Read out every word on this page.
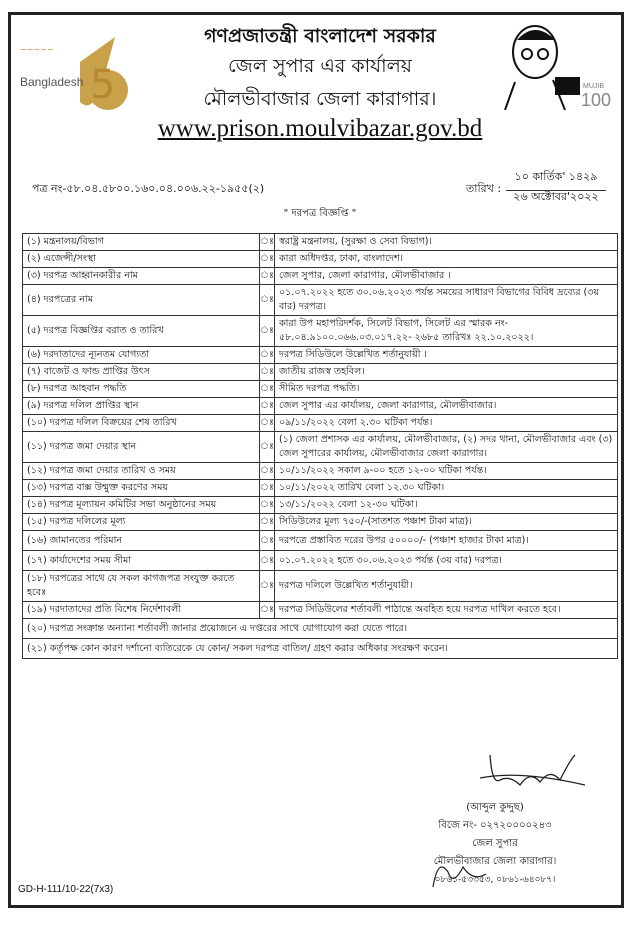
5
~~~~~
Bangladesh	MUJIB
100
গণপ্রজাতন্ত্রী বাংলাদেশ সরকার
জেল সুপার এর কার্যালয়
মৌলভীবাজার জেলা কারাগার।
www.prison.moulvibazar.gov.bd
পত্র নং-৫৮.০৪.৫৮০০.১৬০.০৪.০০৬.২২-১৯৫৫(২)	তারিখ :
১০ কার্তিক' ১৪২৯
২৬ অক্টোবর'২০২২
" দরপত্র বিজ্ঞপ্তি "
(১) মন্ত্রনালয়/বিভাগ	ঃ	স্বরাষ্ট্র মন্ত্রনালয়, (সুরক্ষা ও সেবা বিভাগ)।
(২) এজেন্সী/সংস্থা	ঃ	কারা অধিদপ্তর, ঢাকা, বাংলাদেশ।
(৩) দরপত্র আহ্বানকারীর নাম	ঃ	জেল সুপার, জেলা কারাগার, মৌলভীবাজার ।
(৪) দরপত্রের নাম	ঃ	০১.০৭.২০২২ হতে ৩০.০৬.২০২৩ পর্যন্ত সময়ের সাধারণ বিভাগের বিবিধ দ্রব্যের (৩য় বার) দরপত্র।
(৫) দরপত্র বিজ্ঞপ্তির বরাত ও তারিখ	ঃ	কারা উপ মহাপরিদর্শক, সিলেট বিভাগ, সিলেট এর স্মারক নং- ৫৮.০৪.৯১০০.০৬৬.০৩.০১৭.২২- ২৬৮৫ তারিখঃ ২২.১০.২০২২।
(৬) দরদাতাদের ন্যূনতম যোগ্যতা	ঃ	দরপত্র সিডিউলে উল্লেখিত শর্তানুযায়ী ।
(৭) বাজেট ও ফান্ড প্রাপ্তির উৎস	ঃ	জাতীয় রাজস্ব তহবিল।
(৮) দরপত্র আহবান পদ্ধতি	ঃ	সীমিত দরপত্র পদ্ধতি।
(৯) দরপত্র দলিল প্রাপ্তির স্থান	ঃ	জেল সুপার এর কার্যালয়, জেলা কারাগার, মৌলভীবাজার।
(১০) দরপত্র দলিল বিক্রয়ের শেষ তারিখ	ঃ	০৯/১১/২০২২ বেলা ২.৩০ ঘটিকা পর্যন্ত।
(১১) দরপত্র জমা দেয়ার স্থান	ঃ	(১) জেলা প্রশাসক এর কার্যালয়, মৌলভীবাজার, (২) সদর থানা, মৌলভীবাজার এবং (৩) জেল সুপারের কার্যালয়, মৌলভীবাজার জেলা কারাগার।
(১২) দরপত্র জমা দেয়ার তারিখ ও সময়	ঃ	১০/১১/২০২২ সকাল ৯-০০ হতে ১২-০০ ঘটিকা পর্যন্ত।
(১৩) দরপত্র বাক্স উম্মুক্ত করণের সময়	ঃ	১০/১১/২০২২ তারিখ বেলা ১২.৩০ ঘটিকা।
(১৪) দরপত্র মূল্যায়ন কমিটির সভা অনুষ্ঠানের সময়	ঃ	১৩/১১/২০২২ বেলা ১২-৩০ ঘটিকা।
(১৫) দরপত্র দলিলের মূল্য	ঃ	সিডিউলের মূল্য ৭৫০/-(সাতশত পঞ্চাশ টাকা মাত্র)।
(১৬) জামানতের পরিমান	ঃ	দরপত্রে প্রস্তাবিত দরের উপর ৫০০০০/- (পঞ্চাশ হাজার টাকা মাত্র)।
(১৭) কার্যাদেশের সময় সীমা	ঃ	০১.০৭.২০২২ হতে ৩০.০৬.২০২৩ পর্যন্ত (৩য় বার) দরপত্র।
(১৮) দরপত্রের সাথে যে সকল কাগজপত্র সংযুক্ত করতে হবেঃ	ঃ	দরপত্র দলিলে উল্লেখিত শর্তানুযায়ী।
(১৯) দরদাতাদের প্রতি বিশেষ নির্দেশাবলী	ঃ	দরপত্র সিডিউলের শর্তাবলী পাঠান্তে অবহিত হয়ে দরপত্র দাখিল করতে হবে।
(২০) দরপত্র সংক্রান্ত অন্যান্য শর্তাবলী জানার প্রয়োজনে এ দপ্তরের সাথে যোগাযোগ করা যেতে পারে।		
(২১) কর্তৃপক্ষ কোন কারণ দর্শানো ব্যতিরেকে যে কোন/ সকল দরপত্র বাতিল/ গ্রহণ করার অধিকার সংরক্ষণ করেন।		
(আব্দুল কুদ্দুছ)
বিজে নং- ০২৭২০০০০২৪৩
জেল সুপার
মৌলভীবাজার জেলা কারাগার।
০৮৬১-৫৩৩৫৩, ০৮৬১-৬৪০৮৭।
GD-H-111/10-22(7x3)
